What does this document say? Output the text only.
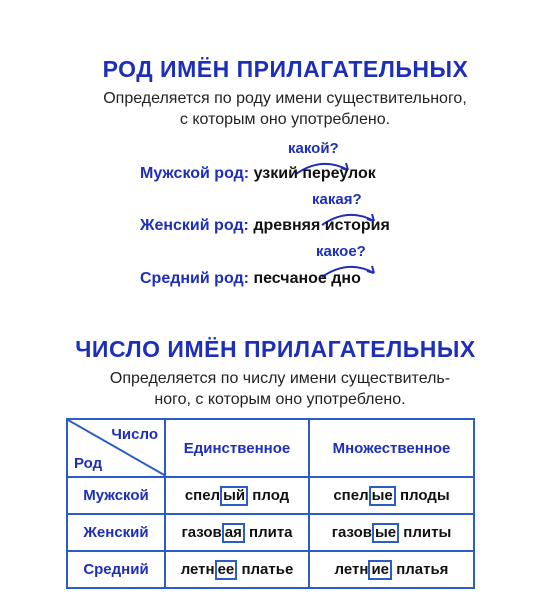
РОД ИМЁН ПРИЛАГАТЕЛЬНЫХ
Определяется по роду имени существительного,
с которым оно употреблено.
какой?
Мужской род: узкий переулок
какая?
Женский род: древняя история
какое?
Средний род: песчаное дно
ЧИСЛО ИМЁН ПРИЛАГАТЕЛЬНЫХ
Определяется по числу имени существитель-
ного, с которым оно употреблено.
Число
Род	Единственное	Множественное
Мужской	спел ый плод	спел ые плоды
Женский	газов ая плита	газов ые плиты
Средний	летн ее платье	летн ие платья
